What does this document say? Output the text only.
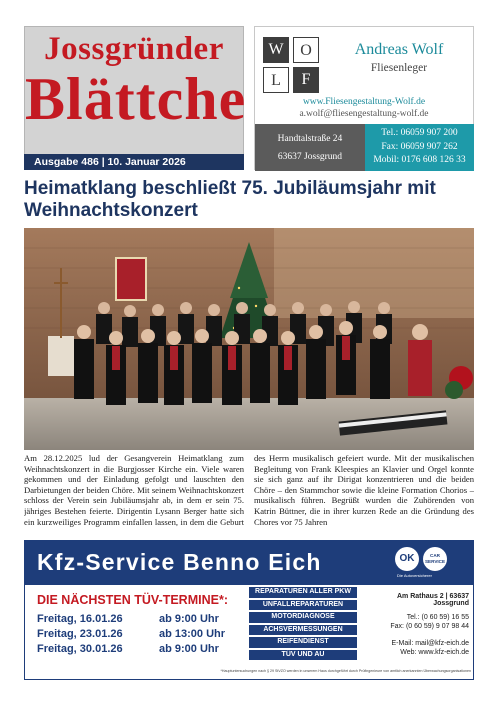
Jossgründer
Blättche
Ausgabe 486 | 10. Januar 2026
W	O
L	F
Andreas Wolf
Fliesenleger
www.Fliesengestaltung-Wolf.de
a.wolf@fliesengestaltung-wolf.de
Handtalstraße 24
63637 Jossgrund
Tel.: 06059 907 200
Fax: 06059 907 262
Mobil: 0176 608 126 33
Heimatklang beschließt 75. Jubiläumsjahr mit Weihnachtskonzert
Am 28.12.2025 lud der Gesangverein Heimatklang zum Weihnachtskonzert in die Burgjosser Kirche ein. Viele waren gekommen und der Einladung gefolgt und lauschten den Darbietungen der beiden Chöre. Mit seinem Weihnachtskonzert schloss der Verein sein Jubiläumsjahr ab, in dem er sein 75. jähriges Bestehen feierte. Dirigentin Lysann Berger hatte sich ein kurzweiliges Programm einfallen lassen, in dem die Geburt des Herrn musikalisch gefeiert wurde. Mit der musikalischen Begleitung von Frank Kleespies an Klavier und Orgel konnte sie sich ganz auf ihr Dirigat konzentrieren und die beiden Chöre – den Stammchor sowie die kleine Formation Chorios – musikalisch führen. Begrüßt wurden die Zuhörenden von Katrin Büttner, die in ihrer kurzen Rede an die Gründung des Chores vor 75 Jahren
Kfz-Service Benno Eich	OK	CAR
SERVICE
Die Autoversicherer
DIE NÄCHSTEN TÜV-TERMINE*:
Freitag, 16.01.26	ab 9:00 Uhr
Freitag, 23.01.26	ab 13:00 Uhr
Freitag, 30.01.26	ab 9:00 Uhr
REPARATUREN ALLER PKW
UNFALLREPARATUREN
MOTORDIAGNOSE
ACHSVERMESSUNGEN
REIFENDIENST
TÜV UND AU
Am Rathaus 2 | 63637 Jossgrund
Tel.: (0 60 59) 16 55
Fax: (0 60 59) 9 07 98 44
E-Mail: mail@kfz-eich.de
Web: www.kfz-eich.de
*Hauptuntersuchungen nach § 29 StVZO werden in unserem Haus durchgeführt durch Prüfingenieure von amtlich anerkannten Überwachungsorganisationen
